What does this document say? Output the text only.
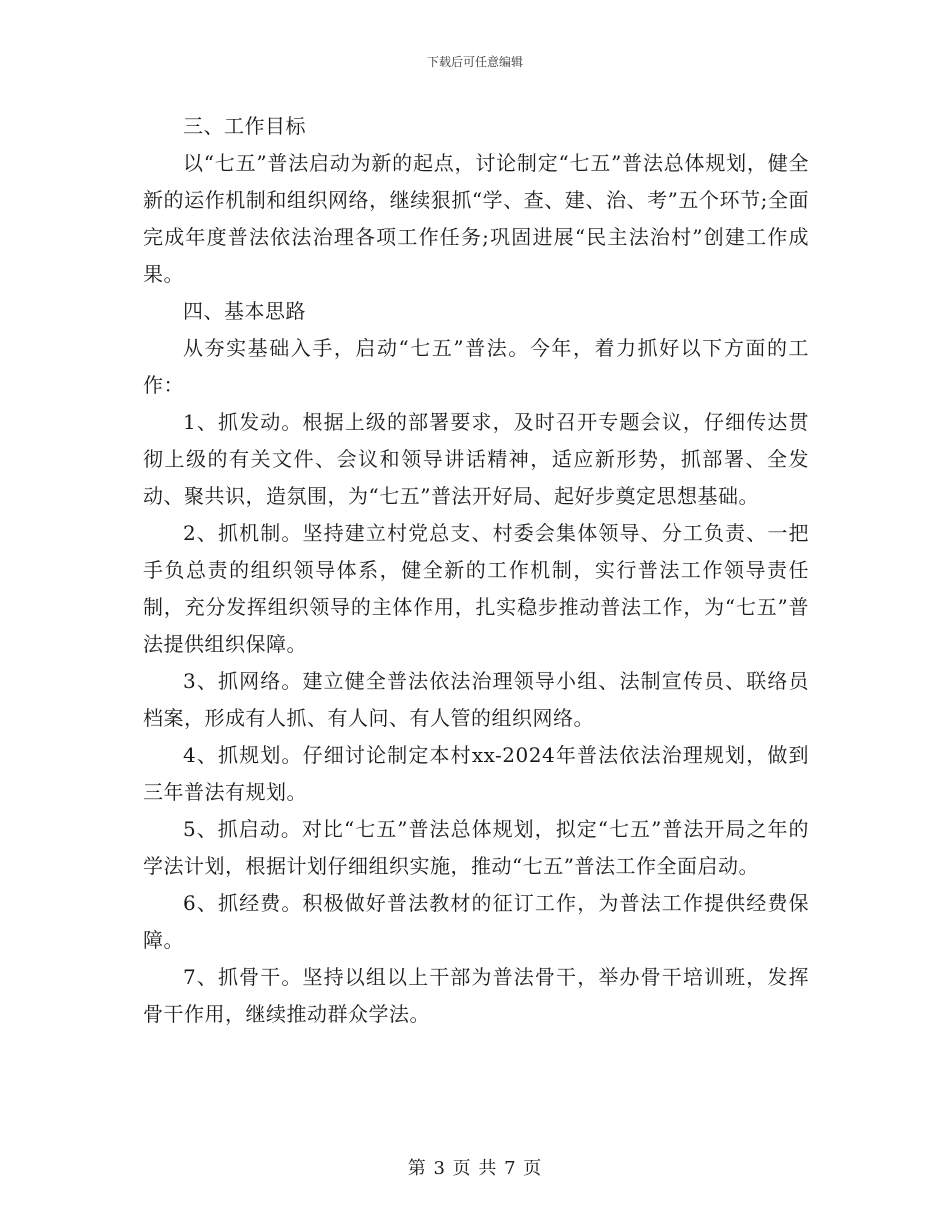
下载后可任意编辑

三、工作目标

以“七五”普法启动为新的起点，讨论制定“七五”普法总体规划，健全新的运作机制和组织网络，继续狠抓“学、查、建、治、考”五个环节;全面完成年度普法依法治理各项工作任务;巩固进展“民主法治村”创建工作成果。

四、基本思路

从夯实基础入手，启动“七五”普法。今年，着力抓好以下方面的工作：

1、抓发动。根据上级的部署要求，及时召开专题会议，仔细传达贯彻上级的有关文件、会议和领导讲话精神，适应新形势，抓部署、全发动、聚共识，造氛围，为“七五”普法开好局、起好步奠定思想基础。

2、抓机制。坚持建立村党总支、村委会集体领导、分工负责、一把手负总责的组织领导体系，健全新的工作机制，实行普法工作领导责任制，充分发挥组织领导的主体作用，扎实稳步推动普法工作，为“七五”普法提供组织保障。

3、抓网络。建立健全普法依法治理领导小组、法制宣传员、联络员档案，形成有人抓、有人问、有人管的组织网络。

4、抓规划。仔细讨论制定本村xx-2024年普法依法治理规划，做到三年普法有规划。

5、抓启动。对比“七五”普法总体规划，拟定“七五”普法开局之年的学法计划，根据计划仔细组织实施，推动“七五”普法工作全面启动。

6、抓经费。积极做好普法教材的征订工作，为普法工作提供经费保障。

7、抓骨干。坚持以组以上干部为普法骨干，举办骨干培训班，发挥骨干作用，继续推动群众学法。

第 3 页 共 7 页
